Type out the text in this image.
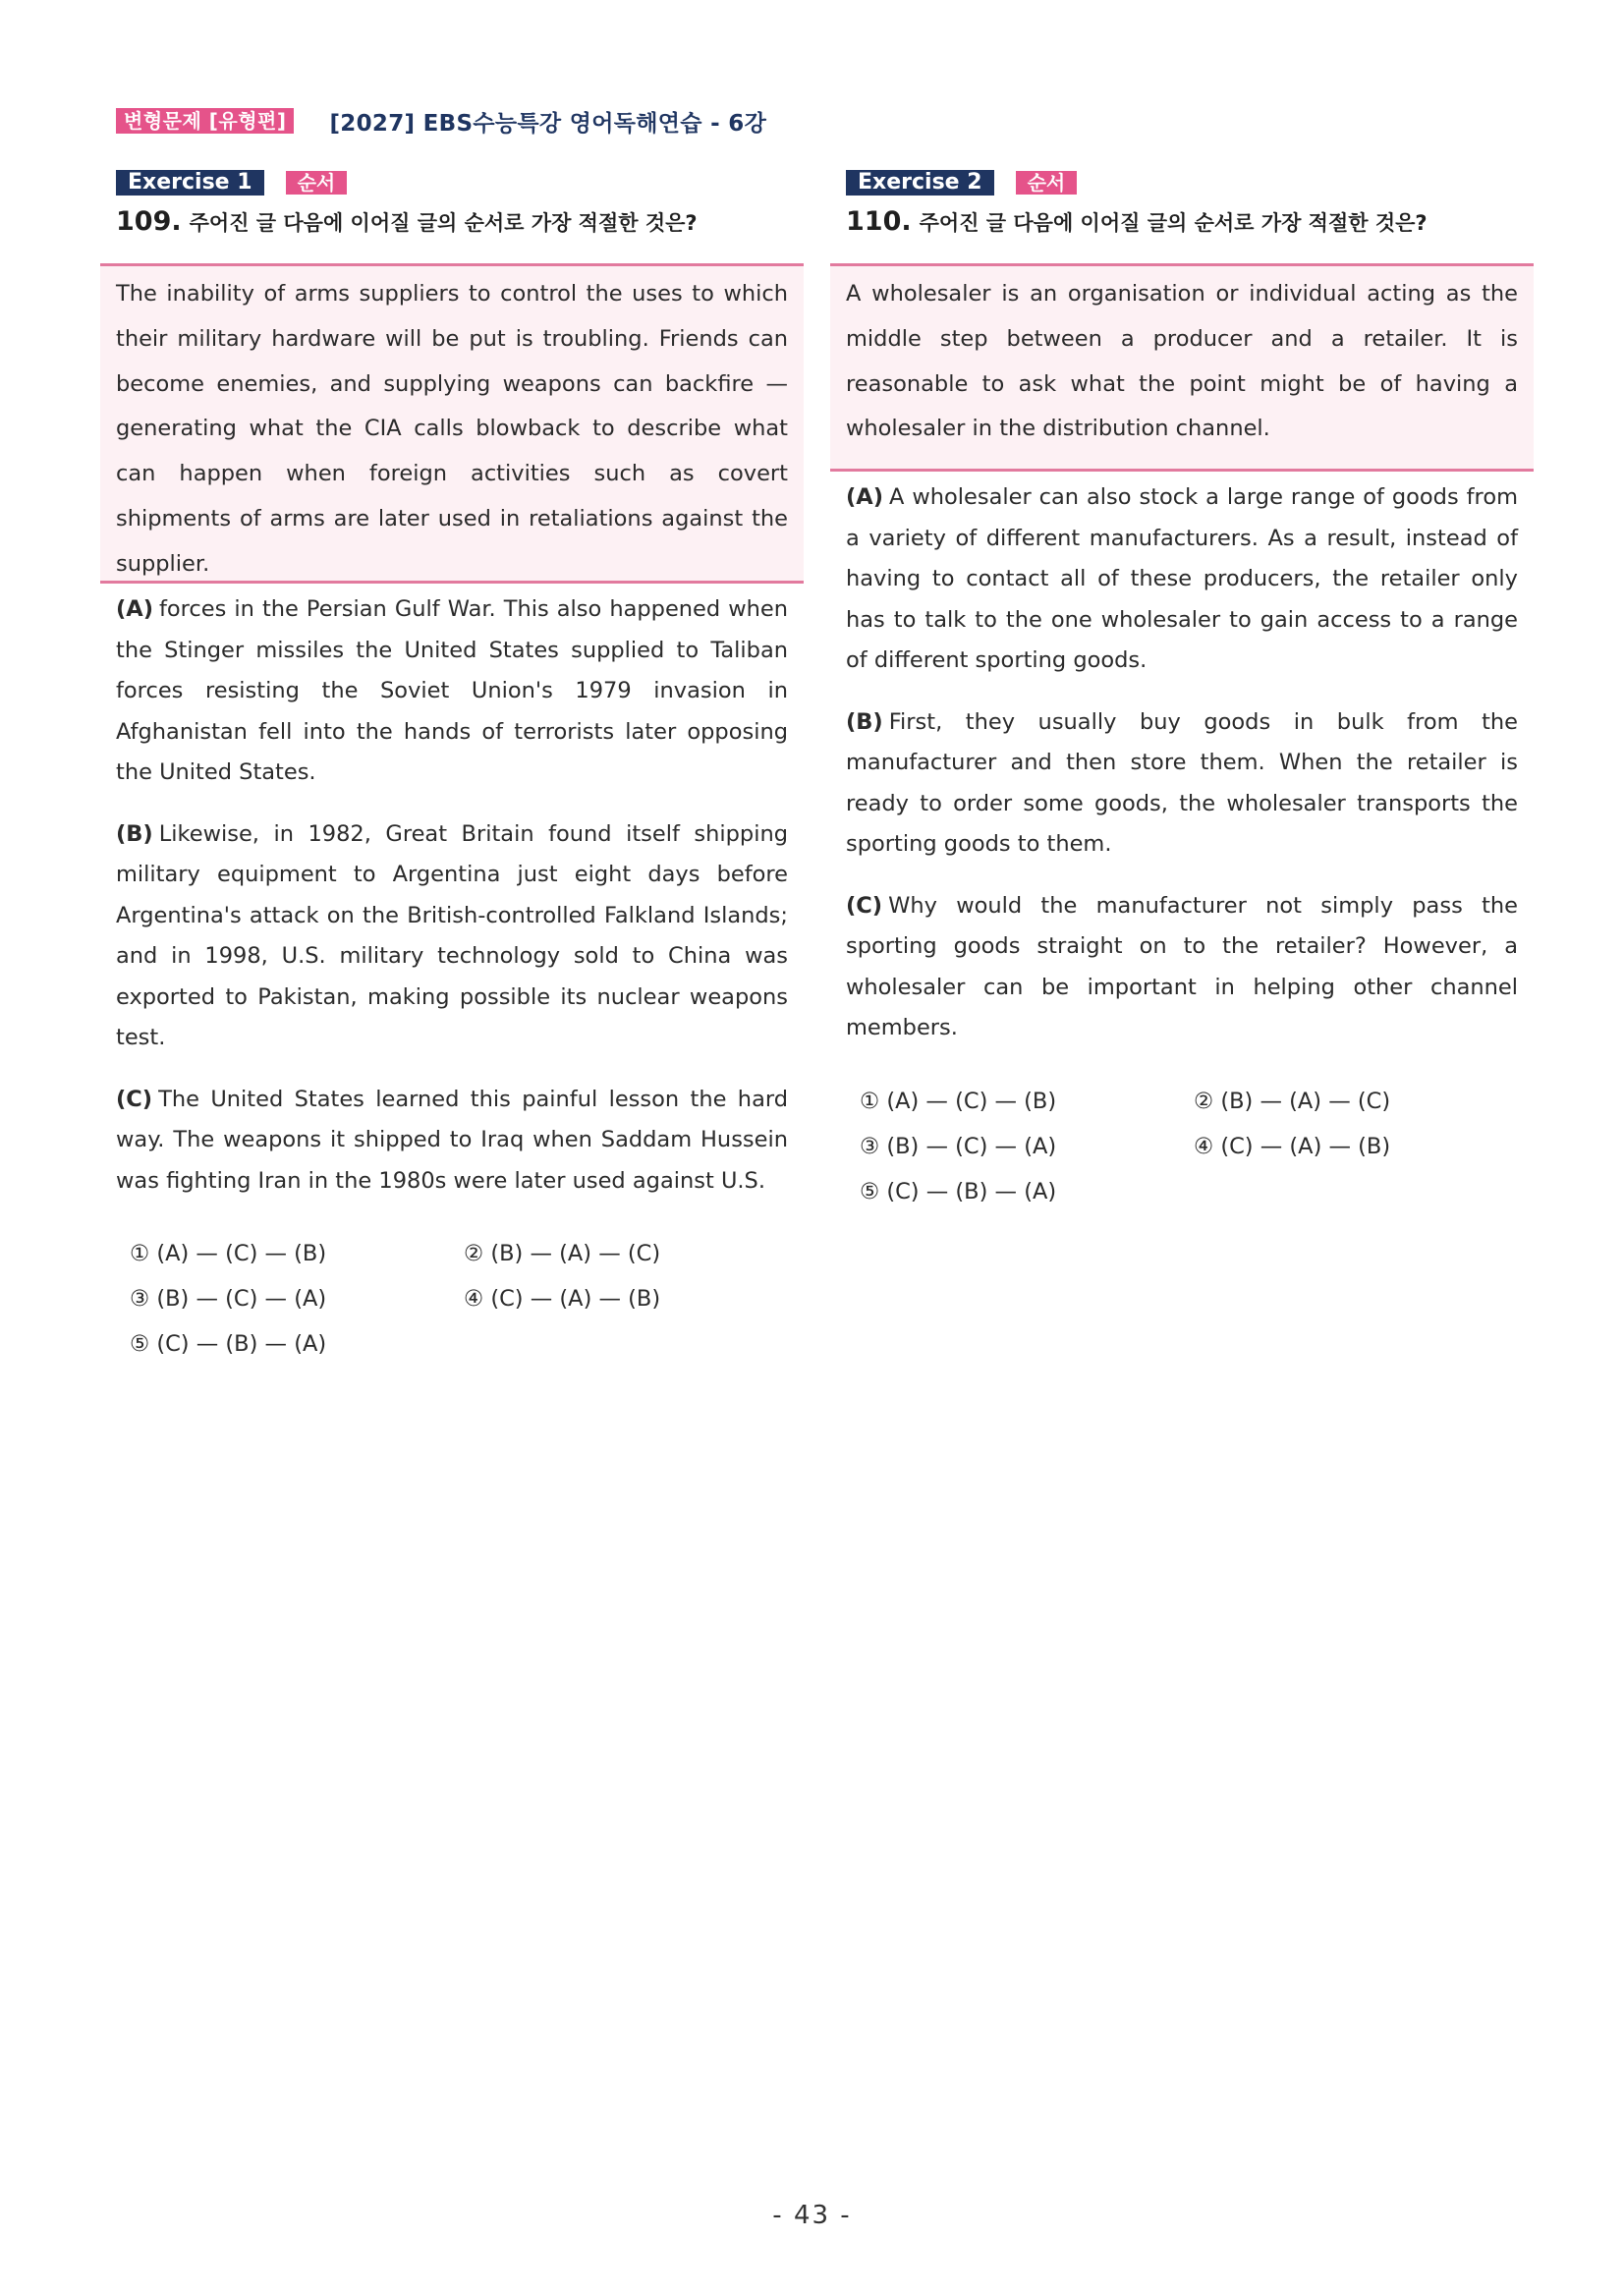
변형문제 [유형편]	[2027] EBS수능특강 영어독해연습 - 6강
Exercise 1	순서
109. 주어진 글 다음에 이어질 글의 순서로 가장 적절한 것은?
The inability of arms suppliers to control the uses to which their military hardware will be put is troubling. Friends can become enemies, and supplying weapons can backfire — generating what the CIA calls blowback to describe what can happen when foreign activities such as covert shipments of arms are later used in retaliations against the supplier.

(A) forces in the Persian Gulf War. This also happened when the Stinger missiles the United States supplied to Taliban forces resisting the Soviet Union's 1979 invasion in Afghanistan fell into the hands of terrorists later opposing the United States.

(B) Likewise, in 1982, Great Britain found itself shipping military equipment to Argentina just eight days before Argentina's attack on the British-controlled Falkland Islands; and in 1998, U.S. military technology sold to China was exported to Pakistan, making possible its nuclear weapons test.

(C) The United States learned this painful lesson the hard way. The weapons it shipped to Iraq when Saddam Hussein was fighting Iran in the 1980s were later used against U.S.

① (A) — (C) — (B)	② (B) — (A) — (C)
③ (B) — (C) — (A)	④ (C) — (A) — (B)
⑤ (C) — (B) — (A)
Exercise 2	순서
110. 주어진 글 다음에 이어질 글의 순서로 가장 적절한 것은?
A wholesaler is an organisation or individual acting as the middle step between a producer and a retailer. It is reasonable to ask what the point might be of having a wholesaler in the distribution channel.

(A) A wholesaler can also stock a large range of goods from a variety of different manufacturers. As a result, instead of having to contact all of these producers, the retailer only has to talk to the one wholesaler to gain access to a range of different sporting goods.

(B) First, they usually buy goods in bulk from the manufacturer and then store them. When the retailer is ready to order some goods, the wholesaler transports the sporting goods to them.

(C) Why would the manufacturer not simply pass the sporting goods straight on to the retailer? However, a wholesaler can be important in helping other channel members.

① (A) — (C) — (B)	② (B) — (A) — (C)
③ (B) — (C) — (A)	④ (C) — (A) — (B)
⑤ (C) — (B) — (A)
- 43 -
